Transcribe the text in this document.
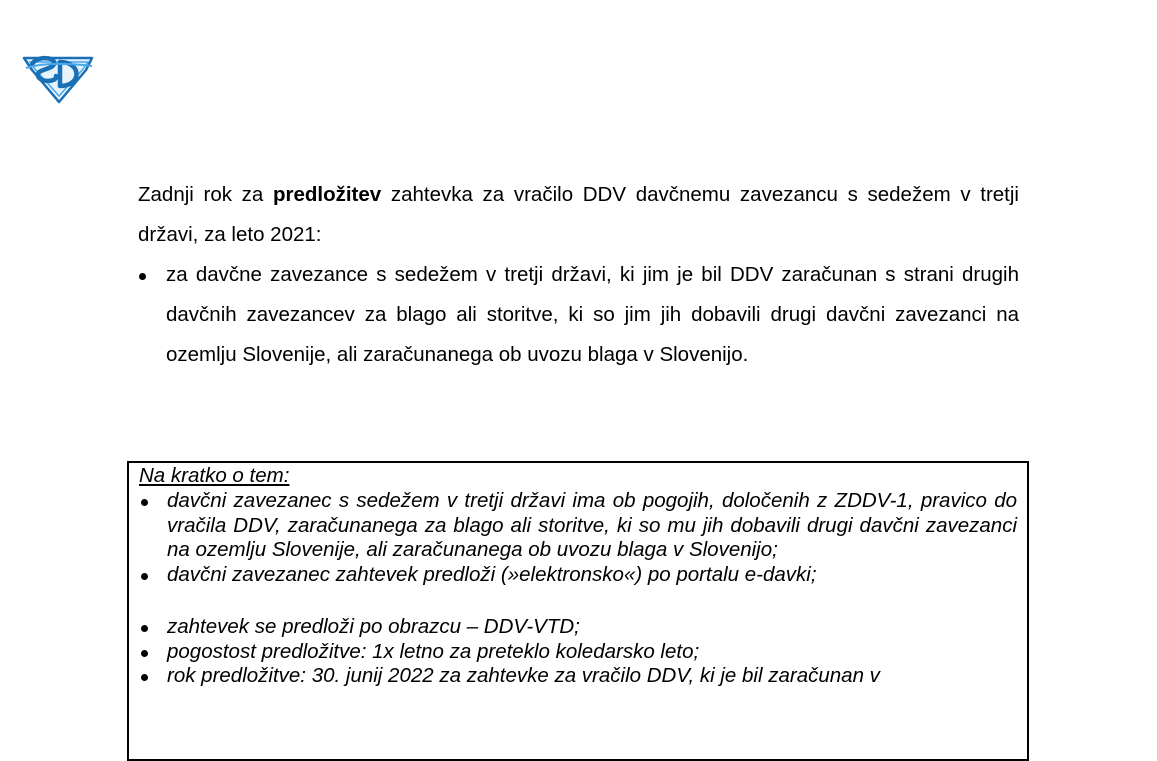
Zadnji rok za predložitev zahtevka za vračilo DDV davčnemu zavezancu s sedežem v tretji državi, za leto 2021:

za davčne zavezance s sedežem v tretji državi, ki jim je bil DDV zaračunan s strani drugih davčnih zavezancev za blago ali storitve, ki so jim jih dobavili drugi davčni zavezanci na ozemlju Slovenije, ali zaračunanega ob uvozu blaga v Slovenijo.

Na kratko o tem:

davčni zavezanec s sedežem v tretji državi ima ob pogojih, določenih z ZDDV-1, pravico do vračila DDV, zaračunanega za blago ali storitve, ki so mu jih dobavili drugi davčni zavezanci na ozemlju Slovenije, ali zaračunanega ob uvozu blaga v Slovenijo;
davčni zavezanec zahtevek predloži (»elektronsko«) po portalu e-davki;
zahtevek se predloži po obrazcu – DDV-VTD;
pogostost predložitve: 1x letno za preteklo koledarsko leto;
rok predložitve: 30. junij 2022 za zahtevke za vračilo DDV, ki je bil zaračunan v
